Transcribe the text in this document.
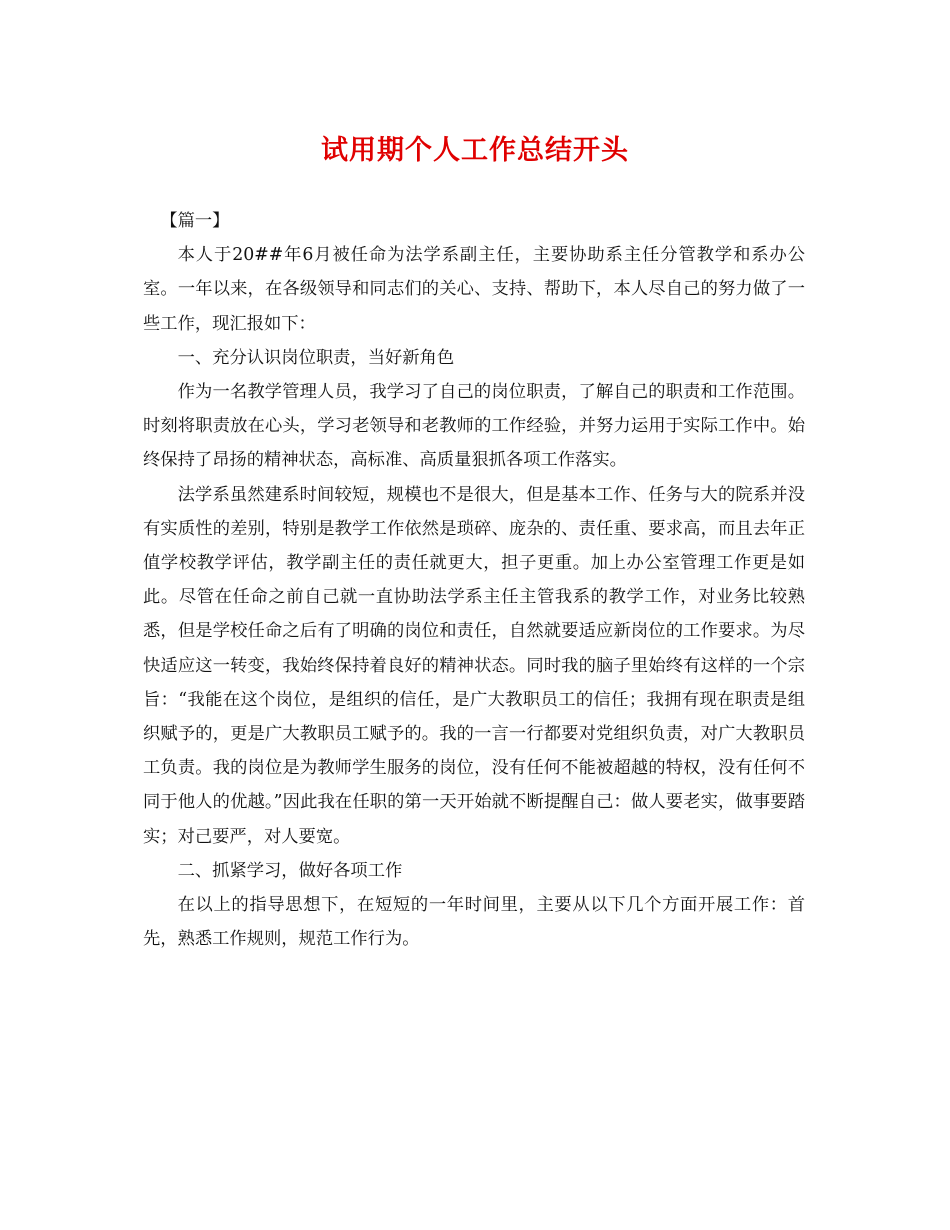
试用期个人工作总结开头

【篇一】

本人于20##年6月被任命为法学系副主任，主要协助系主任分管教学和系办公室。一年以来，在各级领导和同志们的关心、支持、帮助下，本人尽自己的努力做了一些工作，现汇报如下：

一、充分认识岗位职责，当好新角色

作为一名教学管理人员，我学习了自己的岗位职责，了解自己的职责和工作范围。时刻将职责放在心头，学习老领导和老教师的工作经验，并努力运用于实际工作中。始终保持了昂扬的精神状态，高标准、高质量狠抓各项工作落实。

法学系虽然建系时间较短，规模也不是很大，但是基本工作、任务与大的院系并没有实质性的差别，特别是教学工作依然是琐碎、庞杂的、责任重、要求高，而且去年正值学校教学评估，教学副主任的责任就更大，担子更重。加上办公室管理工作更是如此。尽管在任命之前自己就一直协助法学系主任主管我系的教学工作，对业务比较熟悉，但是学校任命之后有了明确的岗位和责任，自然就要适应新岗位的工作要求。为尽快适应这一转变，我始终保持着良好的精神状态。同时我的脑子里始终有这样的一个宗旨：“我能在这个岗位，是组织的信任，是广大教职员工的信任；我拥有现在职责是组织赋予的，更是广大教职员工赋予的。我的一言一行都要对党组织负责，对广大教职员工负责。我的岗位是为教师学生服务的岗位，没有任何不能被超越的特权，没有任何不同于他人的优越。”因此我在任职的第一天开始就不断提醒自己：做人要老实，做事要踏实；对己要严，对人要宽。

二、抓紧学习，做好各项工作

在以上的指导思想下，在短短的一年时间里，主要从以下几个方面开展工作：首先，熟悉工作规则，规范工作行为。
